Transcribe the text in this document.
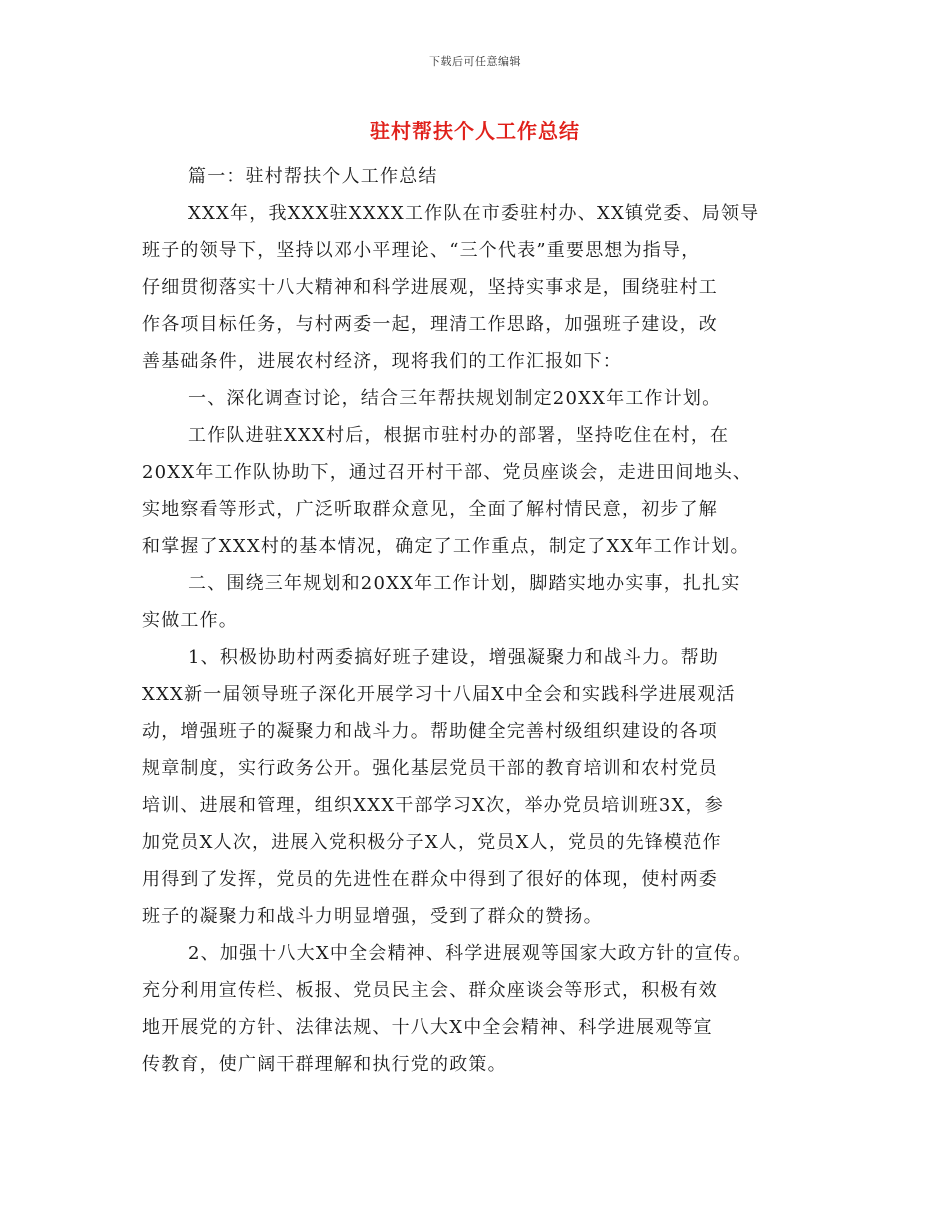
下载后可任意编辑
驻村帮扶个人工作总结
篇一：驻村帮扶个人工作总结
XXX年，我XXX驻XXXX工作队在市委驻村办、XX镇党委、局领导
班子的领导下，坚持以邓小平理论、“三个代表”重要思想为指导，
仔细贯彻落实十八大精神和科学进展观，坚持实事求是，围绕驻村工
作各项目标任务，与村两委一起，理清工作思路，加强班子建设，改
善基础条件，进展农村经济，现将我们的工作汇报如下：
一、深化调查讨论，结合三年帮扶规划制定20XX年工作计划。
工作队进驻XXX村后，根据市驻村办的部署，坚持吃住在村，在
20XX年工作队协助下，通过召开村干部、党员座谈会，走进田间地头、
实地察看等形式，广泛听取群众意见，全面了解村情民意，初步了解
和掌握了XXX村的基本情况，确定了工作重点，制定了XX年工作计划。
二、围绕三年规划和20XX年工作计划，脚踏实地办实事，扎扎实
实做工作。
1、积极协助村两委搞好班子建设，增强凝聚力和战斗力。帮助
XXX新一届领导班子深化开展学习十八届X中全会和实践科学进展观活
动，增强班子的凝聚力和战斗力。帮助健全完善村级组织建设的各项
规章制度，实行政务公开。强化基层党员干部的教育培训和农村党员
培训、进展和管理，组织XXX干部学习X次，举办党员培训班3X，参
加党员X人次，进展入党积极分子X人，党员X人，党员的先锋模范作
用得到了发挥，党员的先进性在群众中得到了很好的体现，使村两委
班子的凝聚力和战斗力明显增强，受到了群众的赞扬。
2、加强十八大X中全会精神、科学进展观等国家大政方针的宣传。
充分利用宣传栏、板报、党员民主会、群众座谈会等形式，积极有效
地开展党的方针、法律法规、十八大X中全会精神、科学进展观等宣
传教育，使广阔干群理解和执行党的政策。
